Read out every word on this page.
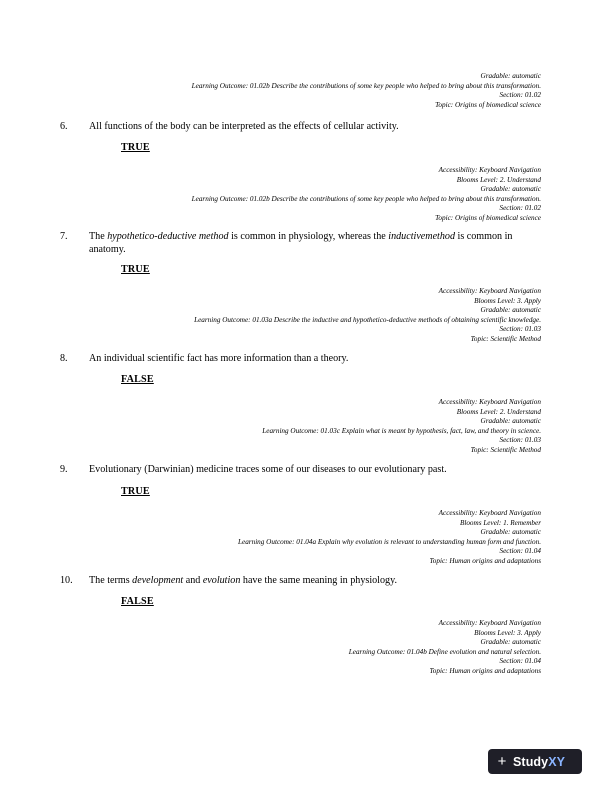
Gradable: automatic
Learning Outcome: 01.02b Describe the contributions of some key people who helped to bring about this transformation.
Section: 01.02
Topic: Origins of biomedical science
6. All functions of the body can be interpreted as the effects of cellular activity.

TRUE
Accessibility: Keyboard Navigation
Blooms Level: 2. Understand
Gradable: automatic
Learning Outcome: 01.02b Describe the contributions of some key people who helped to bring about this transformation.
Section: 01.02
Topic: Origins of biomedical science
7. The hypothetico-deductive method is common in physiology, whereas the inductivemethod is common in anatomy.

TRUE
Accessibility: Keyboard Navigation
Blooms Level: 3. Apply
Gradable: automatic
Learning Outcome: 01.03a Describe the inductive and hypothetico-deductive methods of obtaining scientific knowledge.
Section: 01.03
Topic: Scientific Method
8. An individual scientific fact has more information than a theory.

FALSE
Accessibility: Keyboard Navigation
Blooms Level: 2. Understand
Gradable: automatic
Learning Outcome: 01.03c Explain what is meant by hypothesis, fact, law, and theory in science.
Section: 01.03
Topic: Scientific Method
9. Evolutionary (Darwinian) medicine traces some of our diseases to our evolutionary past.

TRUE
Accessibility: Keyboard Navigation
Blooms Level: 1. Remember
Gradable: automatic
Learning Outcome: 01.04a Explain why evolution is relevant to understanding human form and function.
Section: 01.04
Topic: Human origins and adaptations
10. The terms development and evolution have the same meaning in physiology.

FALSE
Accessibility: Keyboard Navigation
Blooms Level: 3. Apply
Gradable: automatic
Learning Outcome: 01.04b Define evolution and natural selection.
Section: 01.04
Topic: Human origins and adaptations
+ StudyXY
